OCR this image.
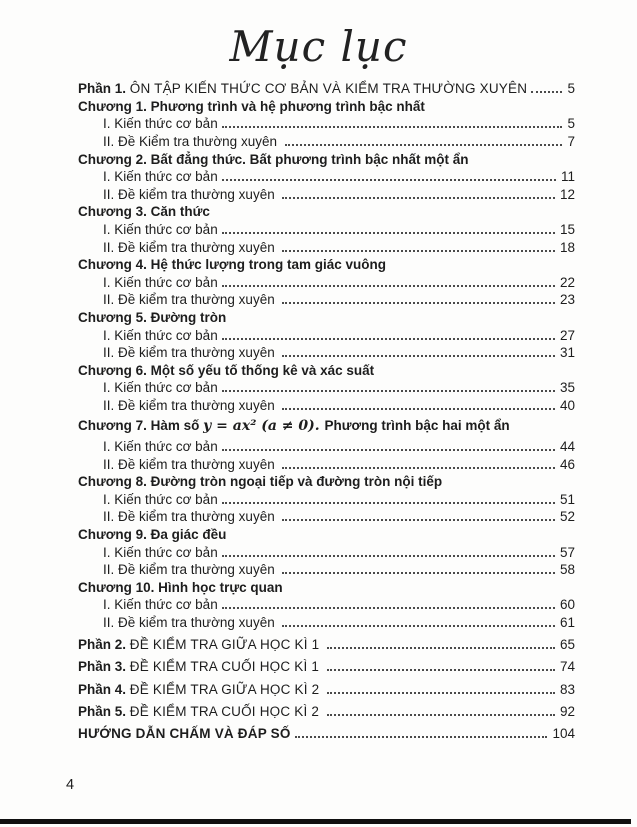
Mục lục
Phần 1. ÔN TẬP KIẾN THỨC CƠ BẢN VÀ KIỂM TRA THƯỜNG XUYÊN	5
Chương 1. Phương trình và hệ phương trình bậc nhất
I. Kiến thức cơ bản	5
II. Đề Kiểm tra thường xuyên	7
Chương 2. Bất đẳng thức. Bất phương trình bậc nhất một ẩn
I. Kiến thức cơ bản	11
II. Đề kiểm tra thường xuyên	12
Chương 3. Căn thức
I. Kiến thức cơ bản	15
II. Đề kiểm tra thường xuyên	18
Chương 4. Hệ thức lượng trong tam giác vuông
I. Kiến thức cơ bản	22
II. Đề kiểm tra thường xuyên	23
Chương 5. Đường tròn
I. Kiến thức cơ bản	27
II. Đề kiểm tra thường xuyên	31
Chương 6. Một số yếu tố thống kê và xác suất
I. Kiến thức cơ bản	35
II. Đề kiểm tra thường xuyên	40
Chương 7. Hàm số y = ax² (a ≠ 0). Phương trình bậc hai một ẩn
I. Kiến thức cơ bản	44
II. Đề kiểm tra thường xuyên	46
Chương 8. Đường tròn ngoại tiếp và đường tròn nội tiếp
I. Kiến thức cơ bản	51
II. Đề kiểm tra thường xuyên	52
Chương 9. Đa giác đều
I. Kiến thức cơ bản	57
II. Đề kiểm tra thường xuyên	58
Chương 10. Hình học trực quan
I. Kiến thức cơ bản	60
II. Đề kiểm tra thường xuyên	61
Phần 2. ĐỀ KIỂM TRA GIỮA HỌC KÌ 1	65
Phần 3. ĐỀ KIỂM TRA CUỐI HỌC KÌ 1	74
Phần 4. ĐỀ KIỂM TRA GIỮA HỌC KÌ 2	83
Phần 5. ĐỀ KIỂM TRA CUỐI HỌC KÌ 2	92
HƯỚNG DẪN CHẤM VÀ ĐÁP SỐ	104
4
